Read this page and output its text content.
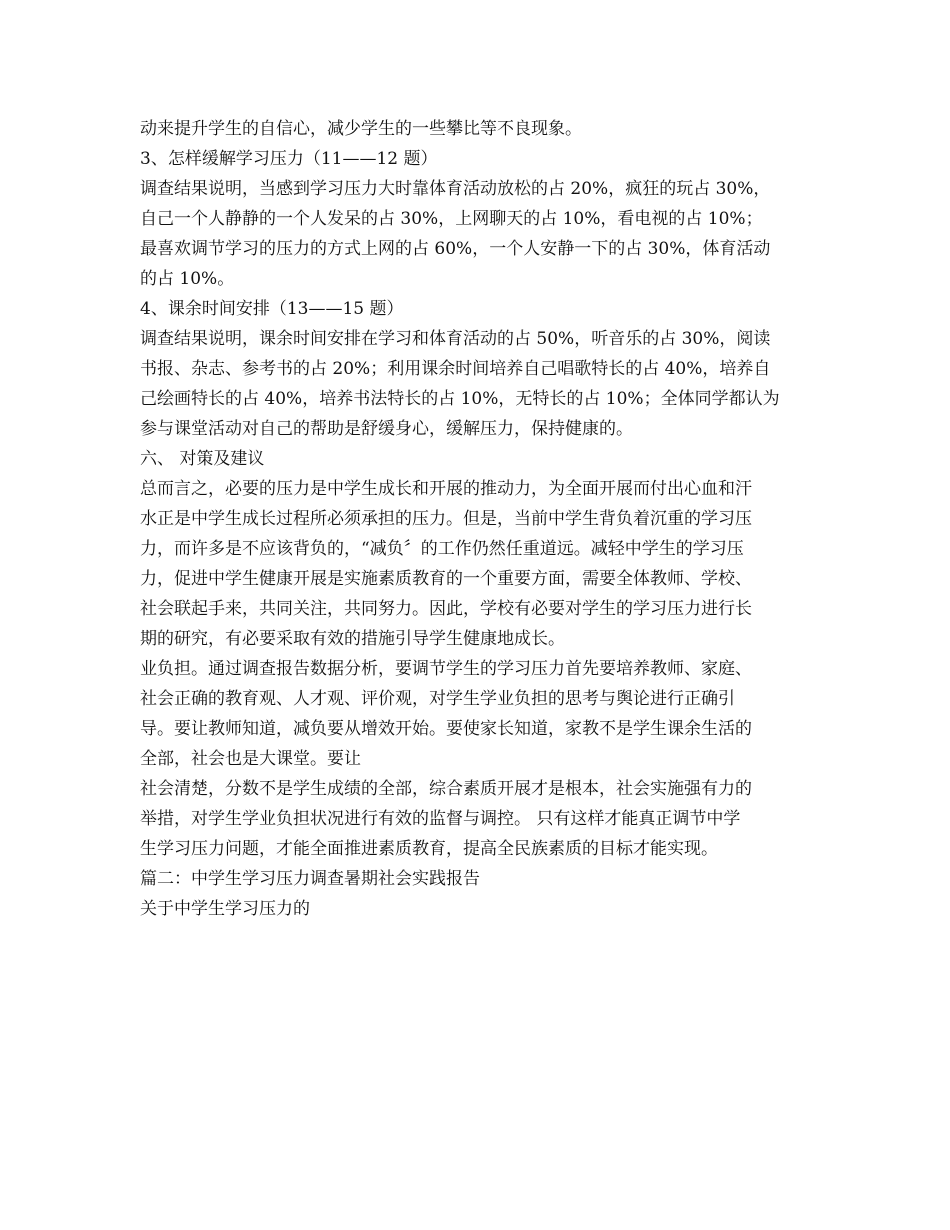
动来提升学生的自信心，减少学生的一些攀比等不良现象。
3、怎样缓解学习压力（11——12 题）
调查结果说明，当感到学习压力大时靠体育活动放松的占 20%，疯狂的玩占 30%，
自己一个人静静的一个人发呆的占 30%，上网聊天的占 10%，看电视的占 10%；
最喜欢调节学习的压力的方式上网的占 60%，一个人安静一下的占 30%，体育活动
的占 10%。
4、课余时间安排（13——15 题）
调查结果说明，课余时间安排在学习和体育活动的占 50%，听音乐的占 30%，阅读
书报、杂志、参考书的占 20%；利用课余时间培养自己唱歌特长的占 40%，培养自
己绘画特长的占 40%，培养书法特长的占 10%，无特长的占 10%；全体同学都认为
参与课堂活动对自己的帮助是舒缓身心，缓解压力，保持健康的。
六、 对策及建议
总而言之，必要的压力是中学生成长和开展的推动力，为全面开展而付出心血和汗
水正是中学生成长过程所必须承担的压力。但是，当前中学生背负着沉重的学习压
力，而许多是不应该背负的，“减负〞的工作仍然任重道远。减轻中学生的学习压
力，促进中学生健康开展是实施素质教育的一个重要方面，需要全体教师、学校、
社会联起手来，共同关注，共同努力。因此，学校有必要对学生的学习压力进行长
期的研究，有必要采取有效的措施引导学生健康地成长。
业负担。通过调查报告数据分析，要调节学生的学习压力首先要培养教师、家庭、
社会正确的教育观、人才观、评价观，对学生学业负担的思考与舆论进行正确引
导。要让教师知道，减负要从增效开始。要使家长知道，家教不是学生课余生活的
全部，社会也是大课堂。要让
社会清楚，分数不是学生成绩的全部，综合素质开展才是根本，社会实施强有力的
举措，对学生学业负担状况进行有效的监督与调控。 只有这样才能真正调节中学
生学习压力问题，才能全面推进素质教育，提高全民族素质的目标才能实现。
篇二：中学生学习压力调查暑期社会实践报告
关于中学生学习压力的
